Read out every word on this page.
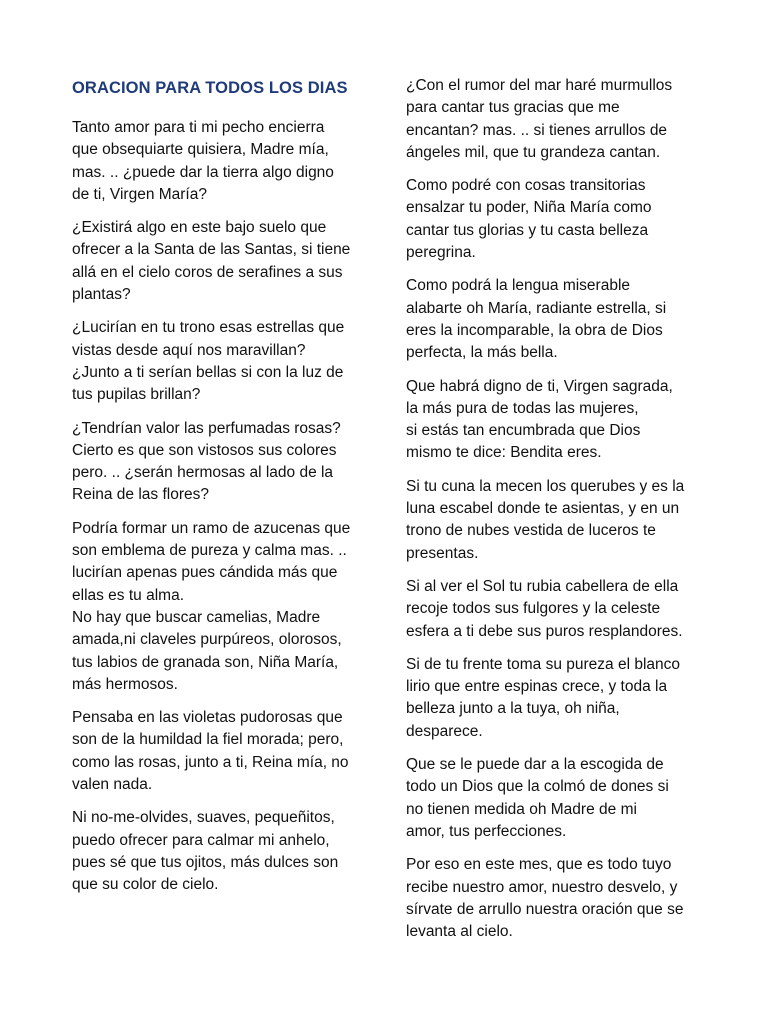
ORACION PARA TODOS LOS DIAS

Tanto amor para ti mi pecho encierra
que obsequiarte quisiera, Madre mía,
mas. .. ¿puede dar la tierra algo digno
de ti, Virgen María?

¿Existirá algo en este bajo suelo que
ofrecer a la Santa de las Santas, si tiene
allá en el cielo coros de serafines a sus
plantas?

¿Lucirían en tu trono esas estrellas que
vistas desde aquí nos maravillan?
¿Junto a ti serían bellas si con la luz de
tus pupilas brillan?

¿Tendrían valor las perfumadas rosas?
Cierto es que son vistosos sus colores
pero. .. ¿serán hermosas al lado de la
Reina de las flores?

Podría formar un ramo de azucenas que
son emblema de pureza y calma mas. ..
lucirían apenas pues cándida más que
ellas es tu alma.
No hay que buscar camelias, Madre
amada,ni claveles purpúreos, olorosos,
tus labios de granada son, Niña María,
más hermosos.

Pensaba en las violetas pudorosas que
son de la humildad la fiel morada; pero,
como las rosas, junto a ti, Reina mía, no
valen nada.

Ni no-me-olvides, suaves, pequeñitos,
puedo ofrecer para calmar mi anhelo,
pues sé que tus ojitos, más dulces son
que su color de cielo.

¿Con el rumor del mar haré murmullos
para cantar tus gracias que me
encantan? mas. .. si tienes arrullos de
ángeles mil, que tu grandeza cantan.

Como podré con cosas transitorias
ensalzar tu poder, Niña María como
cantar tus glorias y tu casta belleza
peregrina.

Como podrá la lengua miserable
alabarte oh María, radiante estrella, si
eres la incomparable, la obra de Dios
perfecta, la más bella.

Que habrá digno de ti, Virgen sagrada,
la más pura de todas las mujeres,
si estás tan encumbrada que Dios
mismo te dice: Bendita eres.

Si tu cuna la mecen los querubes y es la
luna escabel donde te asientas, y en un
trono de nubes vestida de luceros te
presentas.

Si al ver el Sol tu rubia cabellera de ella
recoje todos sus fulgores y la celeste
esfera a ti debe sus puros resplandores.

Si de tu frente toma su pureza el blanco
lirio que entre espinas crece, y toda la
belleza junto a la tuya, oh niña,
desparece.

Que se le puede dar a la escogida de
todo un Dios que la colmó de dones si
no tienen medida oh Madre de mi
amor, tus perfecciones.

Por eso en este mes, que es todo tuyo
recibe nuestro amor, nuestro desvelo, y
sírvate de arrullo nuestra oración que se
levanta al cielo.
